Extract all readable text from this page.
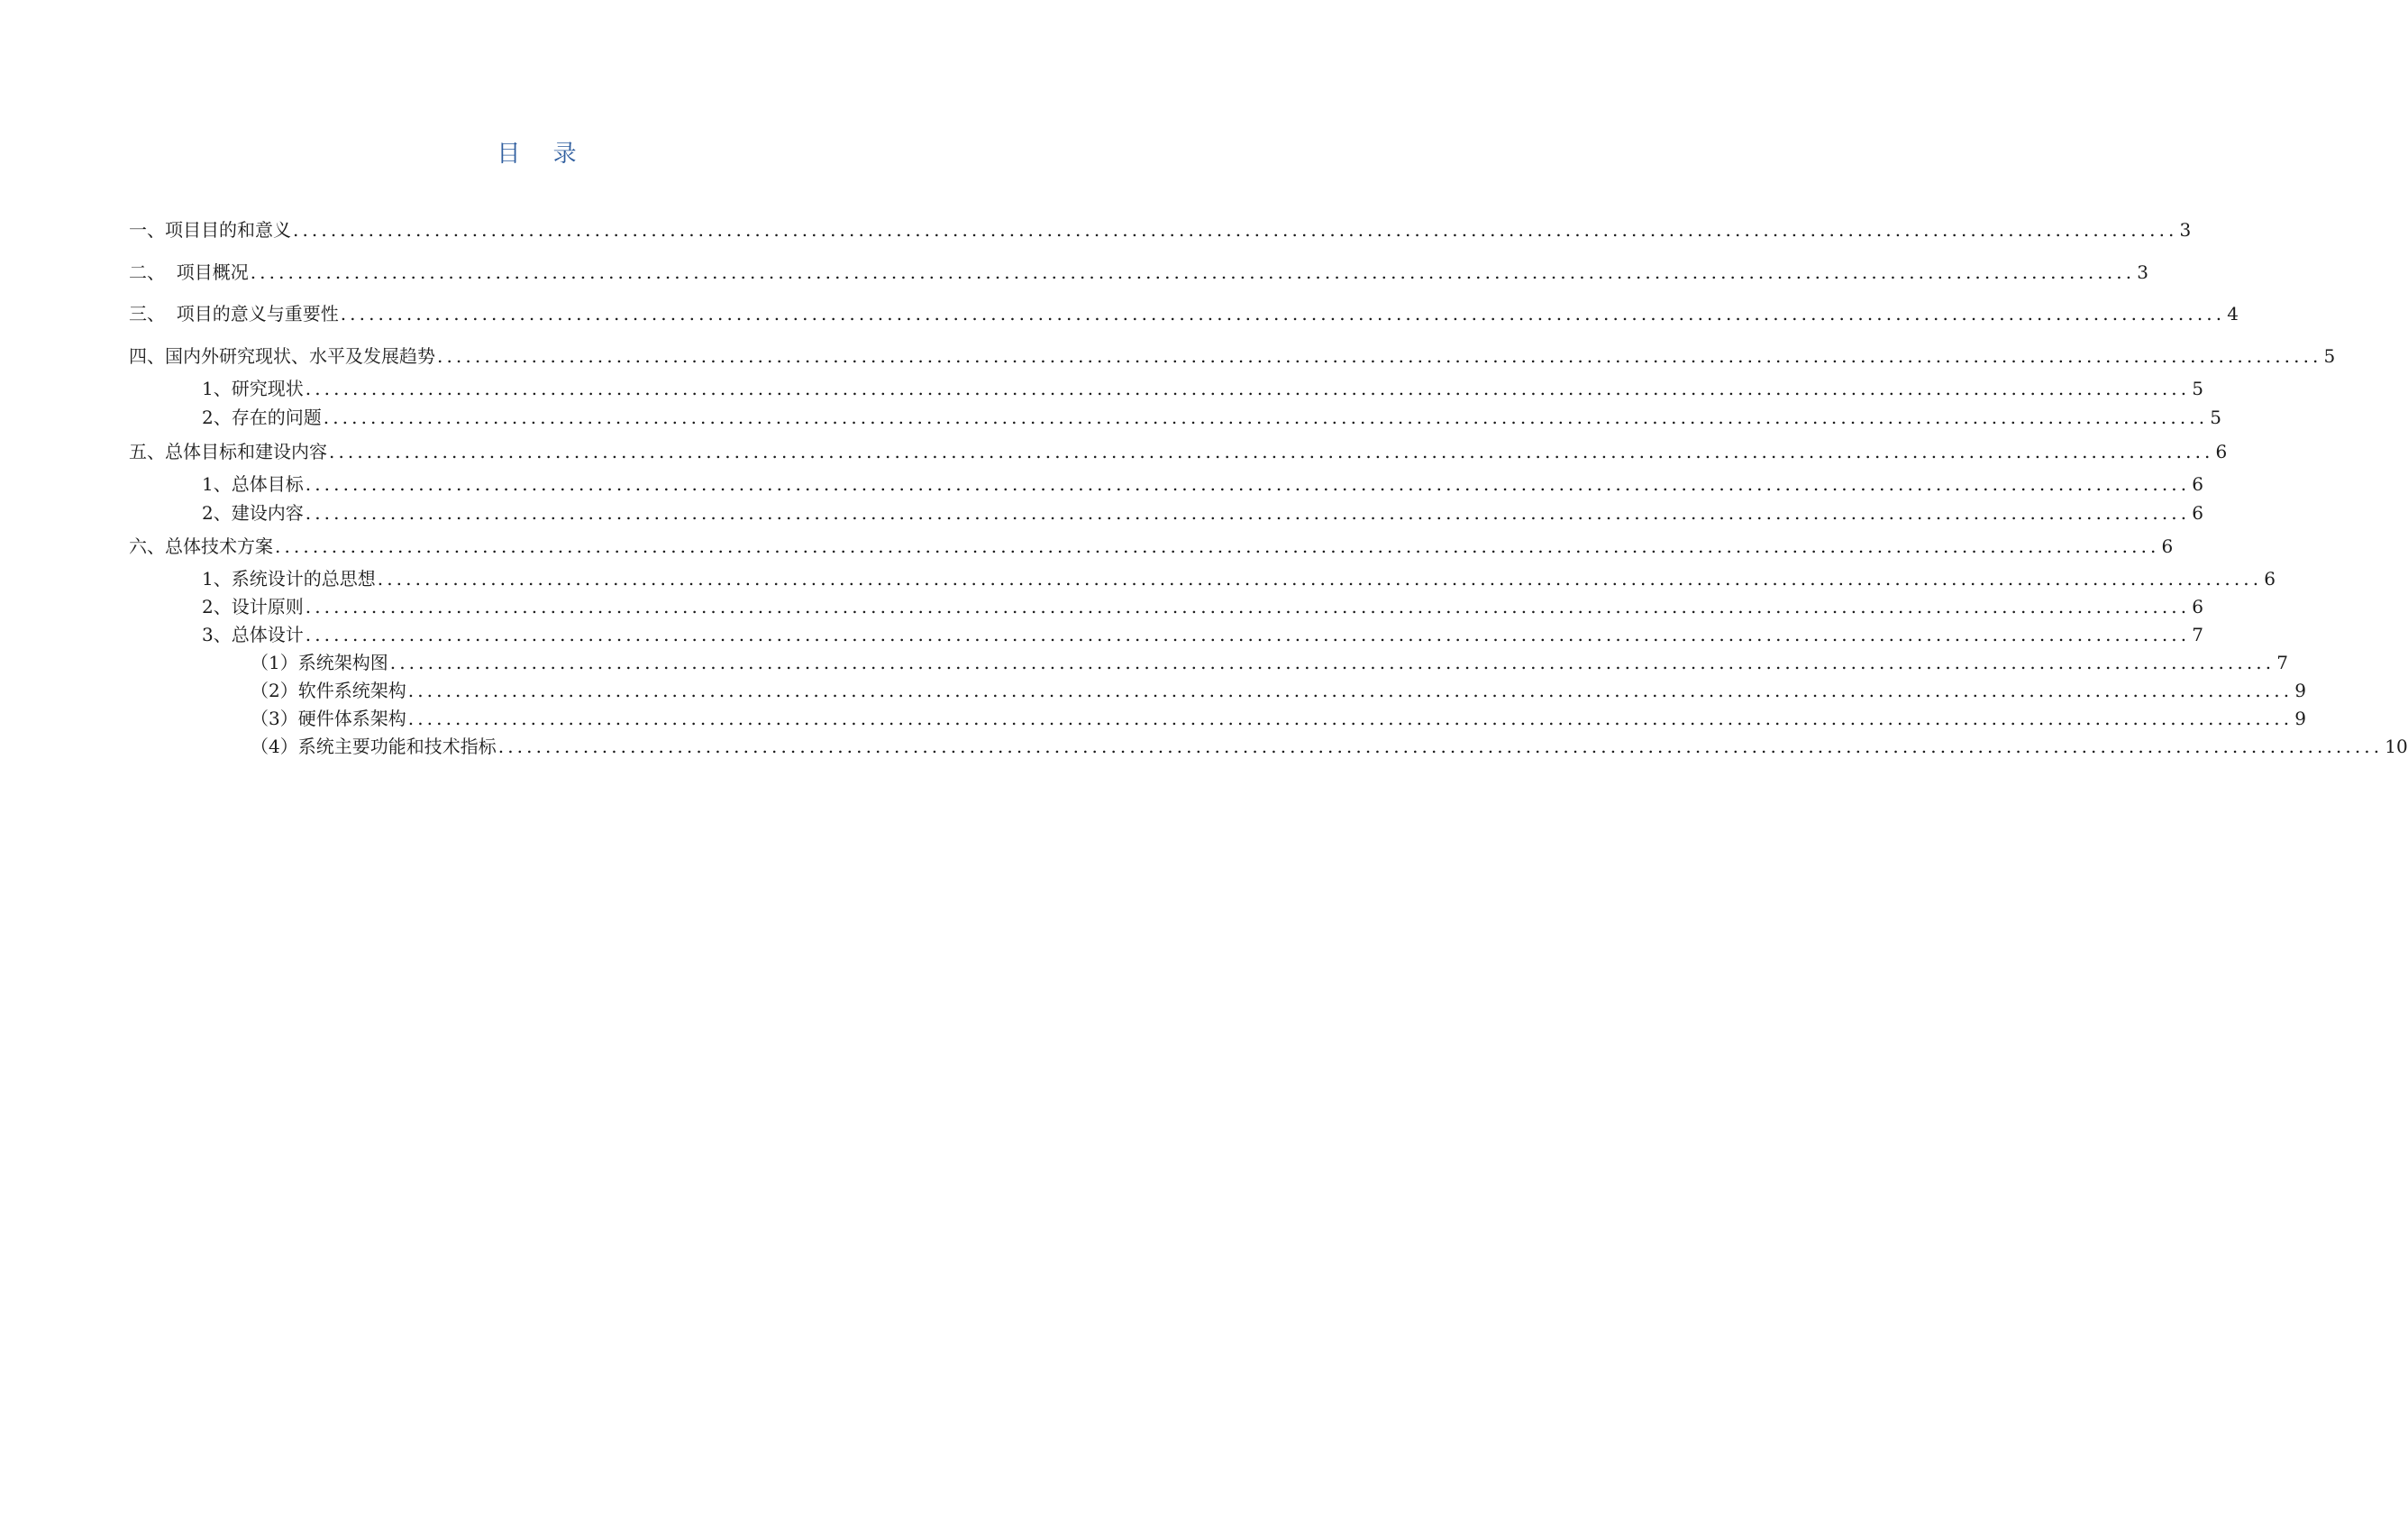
目 录
一、项目目的和意义 ........................................................................................................................................................................................................ 3
二、  项目概况 ........................................................................................................................................................................................................ 3
三、  项目的意义与重要性 ........................................................................................................................................................................................................ 4
四、国内外研究现状、水平及发展趋势 ........................................................................................................................................................................................................ 5
1、研究现状 ........................................................................................................................................................................................................ 5
2、存在的问题 ........................................................................................................................................................................................................ 5
五、总体目标和建设内容 ........................................................................................................................................................................................................ 6
1、总体目标 ........................................................................................................................................................................................................ 6
2、建设内容 ........................................................................................................................................................................................................ 6
六、总体技术方案 ........................................................................................................................................................................................................ 6
1、系统设计的总思想 ........................................................................................................................................................................................................ 6
2、设计原则 ........................................................................................................................................................................................................ 6
3、总体设计 ........................................................................................................................................................................................................ 7
（1）系统架构图 ........................................................................................................................................................................................................ 7
（2）软件系统架构 ........................................................................................................................................................................................................ 9
（3）硬件体系架构 ........................................................................................................................................................................................................ 9
（4）系统主要功能和技术指标 ........................................................................................................................................................................................................ 10
